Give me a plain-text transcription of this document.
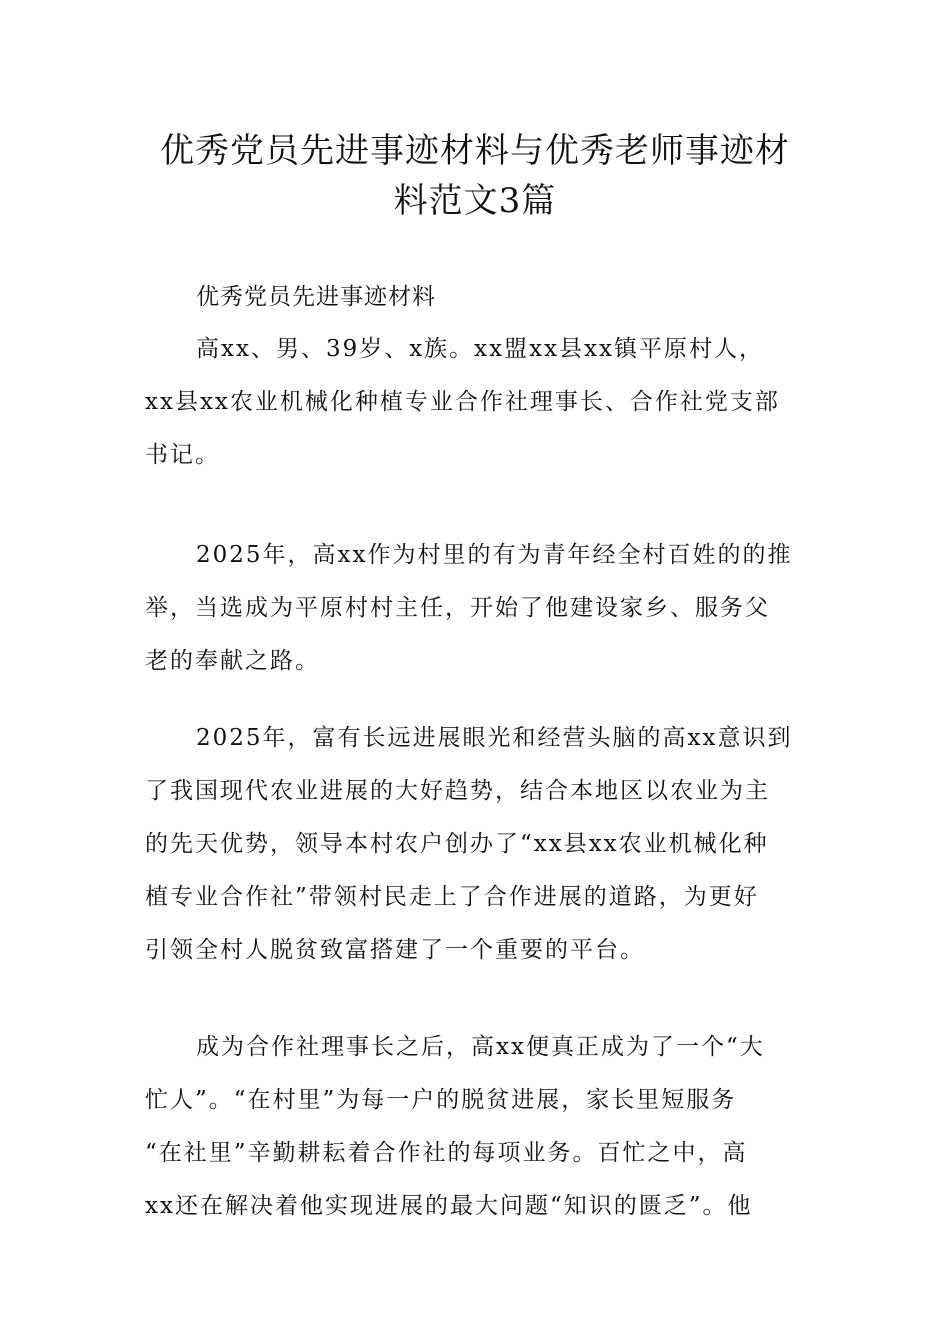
优秀党员先进事迹材料与优秀老师事迹材
料范文3篇

优秀党员先进事迹材料

高xx、男、39岁、x族。xx盟xx县xx镇平原村人，
xx县xx农业机械化种植专业合作社理事长、合作社党支部
书记。

2025年，高xx作为村里的有为青年经全村百姓的的推
举，当选成为平原村村主任，开始了他建设家乡、服务父
老的奉献之路。

2025年，富有长远进展眼光和经营头脑的高xx意识到
了我国现代农业进展的大好趋势，结合本地区以农业为主
的先天优势，领导本村农户创办了“xx县xx农业机械化种
植专业合作社”带领村民走上了合作进展的道路，为更好
引领全村人脱贫致富搭建了一个重要的平台。

成为合作社理事长之后，高xx便真正成为了一个“大
忙人”。“在村里”为每一户的脱贫进展，家长里短服务
“在社里”辛勤耕耘着合作社的每项业务。百忙之中，高
xx还在解决着他实现进展的最大问题“知识的匮乏”。他
